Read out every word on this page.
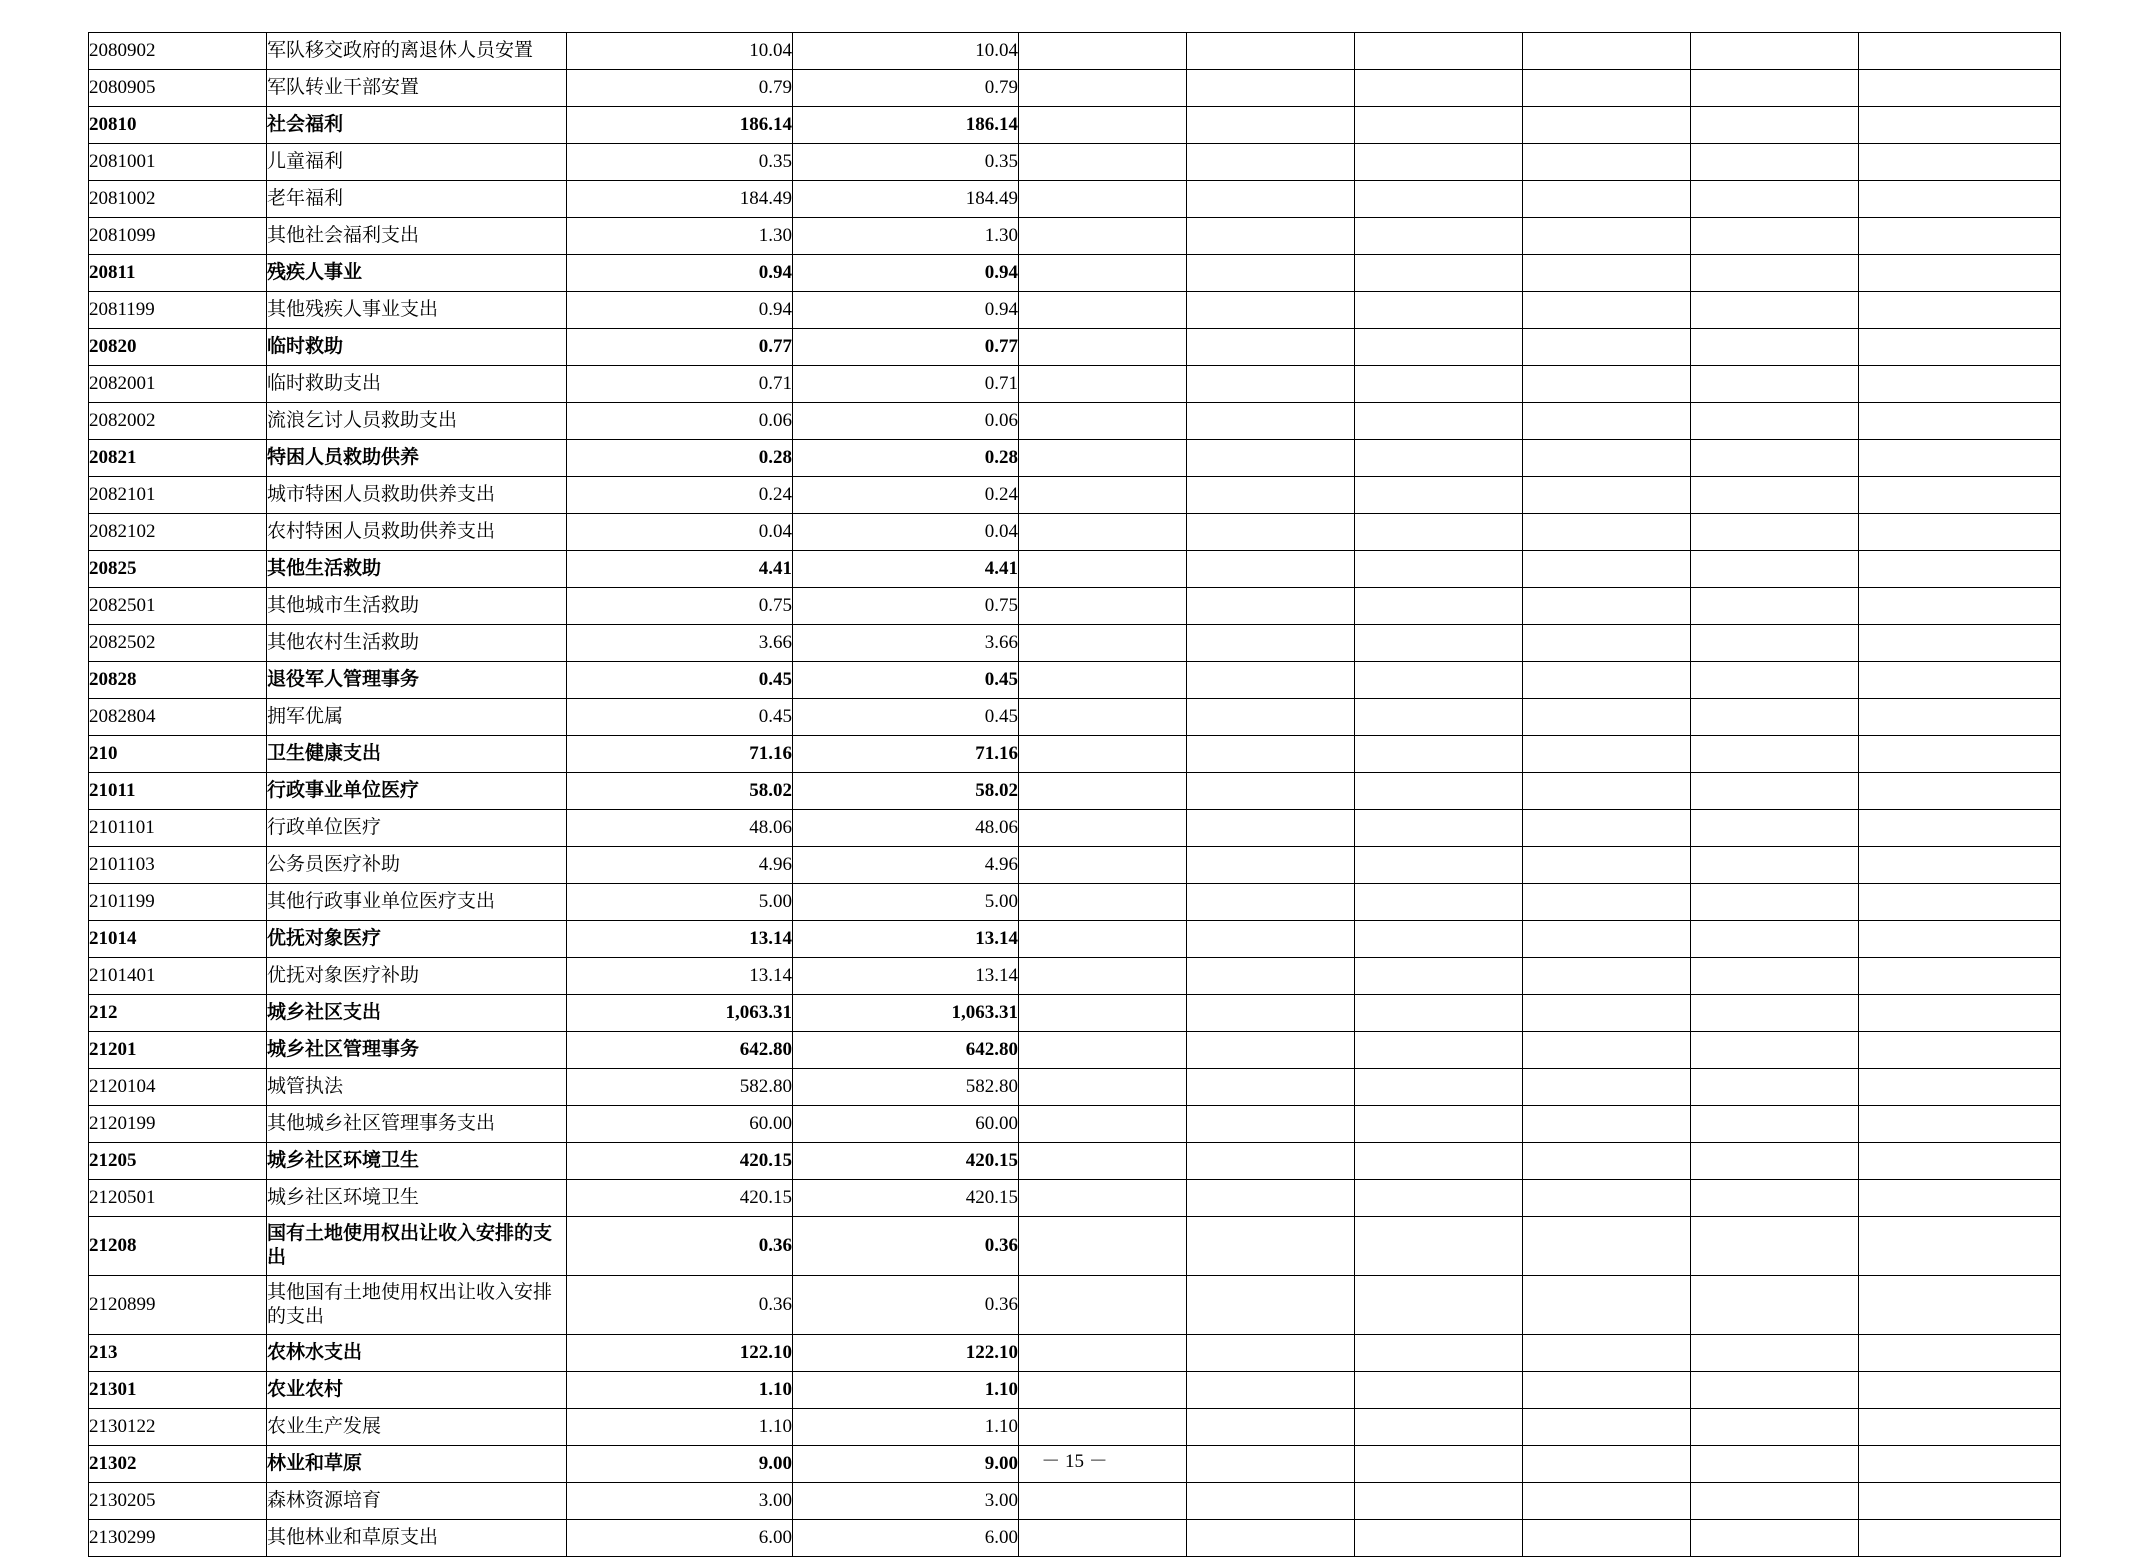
2080902	军队移交政府的离退休人员安置	10.04	10.04						
2080905	军队转业干部安置	0.79	0.79						
20810	社会福利	186.14	186.14						
2081001	儿童福利	0.35	0.35						
2081002	老年福利	184.49	184.49						
2081099	其他社会福利支出	1.30	1.30						
20811	残疾人事业	0.94	0.94						
2081199	其他残疾人事业支出	0.94	0.94						
20820	临时救助	0.77	0.77						
2082001	临时救助支出	0.71	0.71						
2082002	流浪乞讨人员救助支出	0.06	0.06						
20821	特困人员救助供养	0.28	0.28						
2082101	城市特困人员救助供养支出	0.24	0.24						
2082102	农村特困人员救助供养支出	0.04	0.04						
20825	其他生活救助	4.41	4.41						
2082501	其他城市生活救助	0.75	0.75						
2082502	其他农村生活救助	3.66	3.66						
20828	退役军人管理事务	0.45	0.45						
2082804	拥军优属	0.45	0.45						
210	卫生健康支出	71.16	71.16						
21011	行政事业单位医疗	58.02	58.02						
2101101	行政单位医疗	48.06	48.06						
2101103	公务员医疗补助	4.96	4.96						
2101199	其他行政事业单位医疗支出	5.00	5.00						
21014	优抚对象医疗	13.14	13.14						
2101401	优抚对象医疗补助	13.14	13.14						
212	城乡社区支出	1,063.31	1,063.31						
21201	城乡社区管理事务	642.80	642.80						
2120104	城管执法	582.80	582.80						
2120199	其他城乡社区管理事务支出	60.00	60.00						
21205	城乡社区环境卫生	420.15	420.15						
2120501	城乡社区环境卫生	420.15	420.15						
21208	国有土地使用权出让收入安排的支出	0.36	0.36						
2120899	其他国有土地使用权出让收入安排的支出	0.36	0.36						
213	农林水支出	122.10	122.10						
21301	农业农村	1.10	1.10						
2130122	农业生产发展	1.10	1.10						
21302	林业和草原	9.00	9.00						
2130205	森林资源培育	3.00	3.00						
2130299	其他林业和草原支出	6.00	6.00						
－ 15 －
